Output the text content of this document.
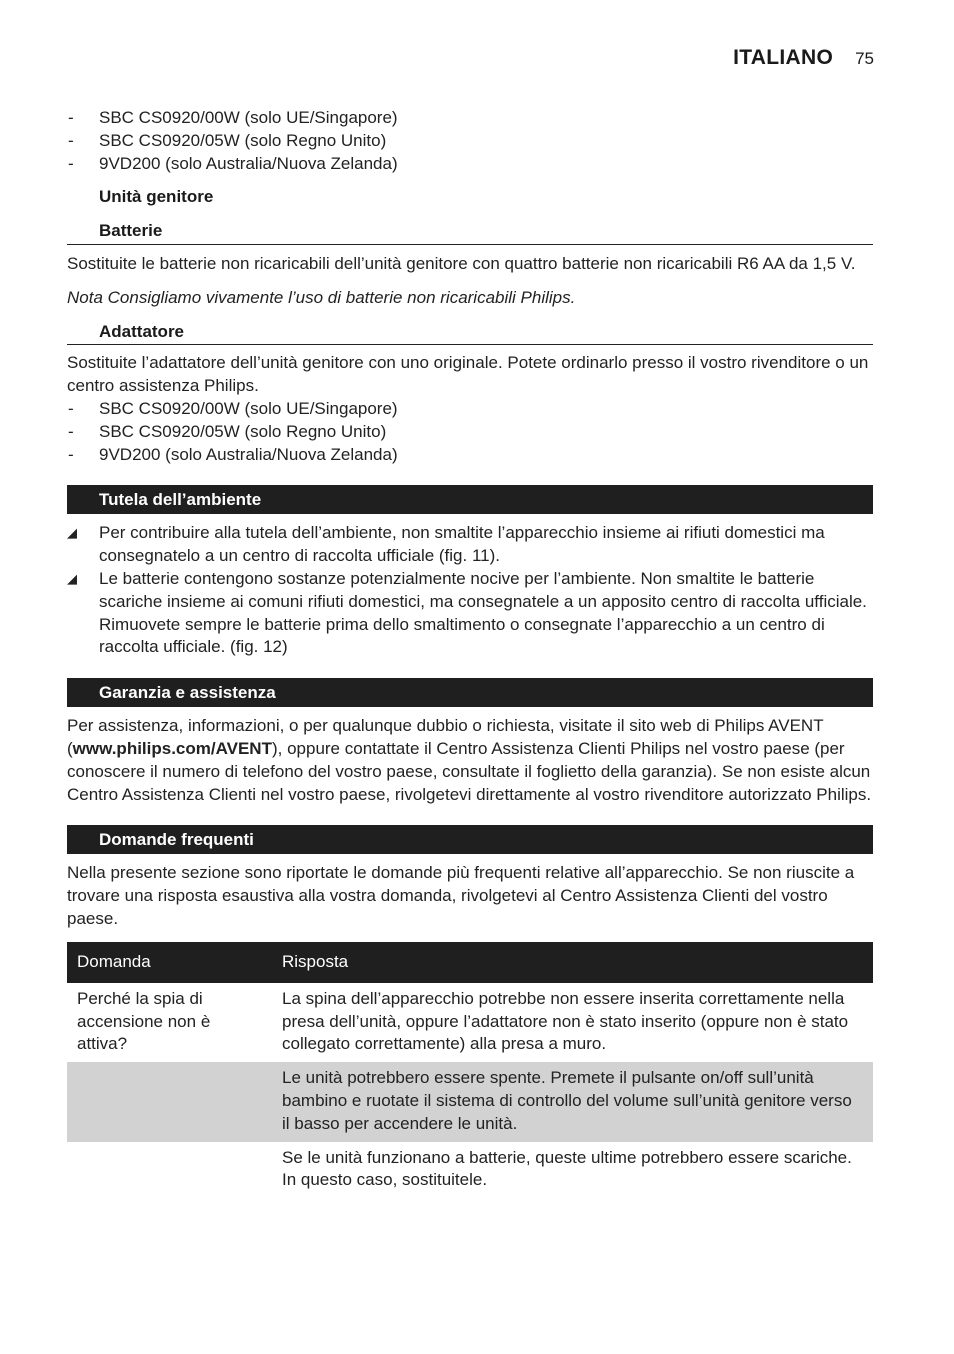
ITALIANO 75
- SBC CS0920/00W (solo UE/Singapore)
- SBC CS0920/05W (solo Regno Unito)
- 9VD200 (solo Australia/Nuova Zelanda)
Unità genitore
Batterie

Sostituite le batterie non ricaricabili dell’unità genitore con quattro batterie non ricaricabili R6 AA da 1,5 V.

Nota Consigliamo vivamente l’uso di batterie non ricaricabili Philips.

Adattatore

Sostituite l’adattatore dell’unità genitore con uno originale. Potete ordinarlo presso il vostro rivenditore o un centro assistenza Philips.

- SBC CS0920/00W (solo UE/Singapore)
- SBC CS0920/05W (solo Regno Unito)
- 9VD200 (solo Australia/Nuova Zelanda)
Tutela dell’ambiente
◢ Per contribuire alla tutela dell’ambiente, non smaltite l’apparecchio insieme ai rifiuti domestici ma consegnatelo a un centro di raccolta ufficiale (fig. 11).
◢ Le batterie contengono sostanze potenzialmente nocive per l’ambiente. Non smaltite le batterie scariche insieme ai comuni rifiuti domestici, ma consegnatele a un apposito centro di raccolta ufficiale. Rimuovete sempre le batterie prima dello smaltimento o consegnate l’apparecchio a un centro di raccolta ufficiale. (fig. 12)
Garanzia e assistenza

Per assistenza, informazioni, o per qualunque dubbio o richiesta, visitate il sito web di Philips AVENT (www.philips.com/AVENT), oppure contattate il Centro Assistenza Clienti Philips nel vostro paese (per conoscere il numero di telefono del vostro paese, consultate il foglietto della garanzia). Se non esiste alcun Centro Assistenza Clienti nel vostro paese, rivolgetevi direttamente al vostro rivenditore autorizzato Philips.

Domande frequenti

Nella presente sezione sono riportate le domande più frequenti relative all’apparecchio. Se non riuscite a trovare una risposta esaustiva alla vostra domanda, rivolgetevi al Centro Assistenza Clienti del vostro paese.

Domanda	Risposta
Perché la spia di accensione non è attiva?	La spina dell’apparecchio potrebbe non essere inserita correttamente nella presa dell’unità, oppure l’adattatore non è stato inserito (oppure non è stato collegato correttamente) alla presa a muro.
	Le unità potrebbero essere spente. Premete il pulsante on/off sull’unità bambino e ruotate il sistema di controllo del volume sull’unità genitore verso il basso per accendere le unità.
	Se le unità funzionano a batterie, queste ultime potrebbero essere scariche. In questo caso, sostituitele.
